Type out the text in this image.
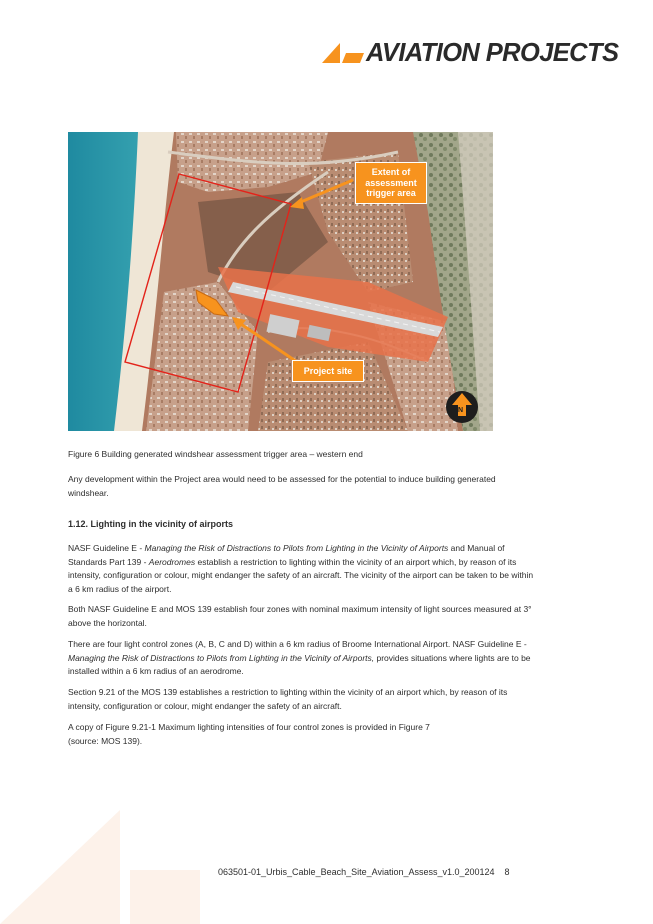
AVIATION PROJECTS
Extent of assessment trigger area
Project site
N
Figure 6 Building generated windshear assessment trigger area – western end
Any development within the Project area would need to be assessed for the potential to induce building generated windshear.
1.12. Lighting in the vicinity of airports
NASF Guideline E - Managing the Risk of Distractions to Pilots from Lighting in the Vicinity of Airports and Manual of Standards Part 139 - Aerodromes establish a restriction to lighting within the vicinity of an airport which, by reason of its intensity, configuration or colour, might endanger the safety of an aircraft. The vicinity of the airport can be taken to be within a 6 km radius of the airport.
Both NASF Guideline E and MOS 139 establish four zones with nominal maximum intensity of light sources measured at 3° above the horizontal.
There are four light control zones (A, B, C and D) within a 6 km radius of Broome International Airport. NASF Guideline E - Managing the Risk of Distractions to Pilots from Lighting in the Vicinity of Airports, provides situations where lights are to be installed within a 6 km radius of an aerodrome.
Section 9.21 of the MOS 139 establishes a restriction to lighting within the vicinity of an airport which, by reason of its intensity, configuration or colour, might endanger the safety of an aircraft.
A copy of Figure 9.21-1 Maximum lighting intensities of four control zones is provided in Figure 7
(source: MOS 139).
063501-01_Urbis_Cable_Beach_Site_Aviation_Assess_v1.0_200124 8
